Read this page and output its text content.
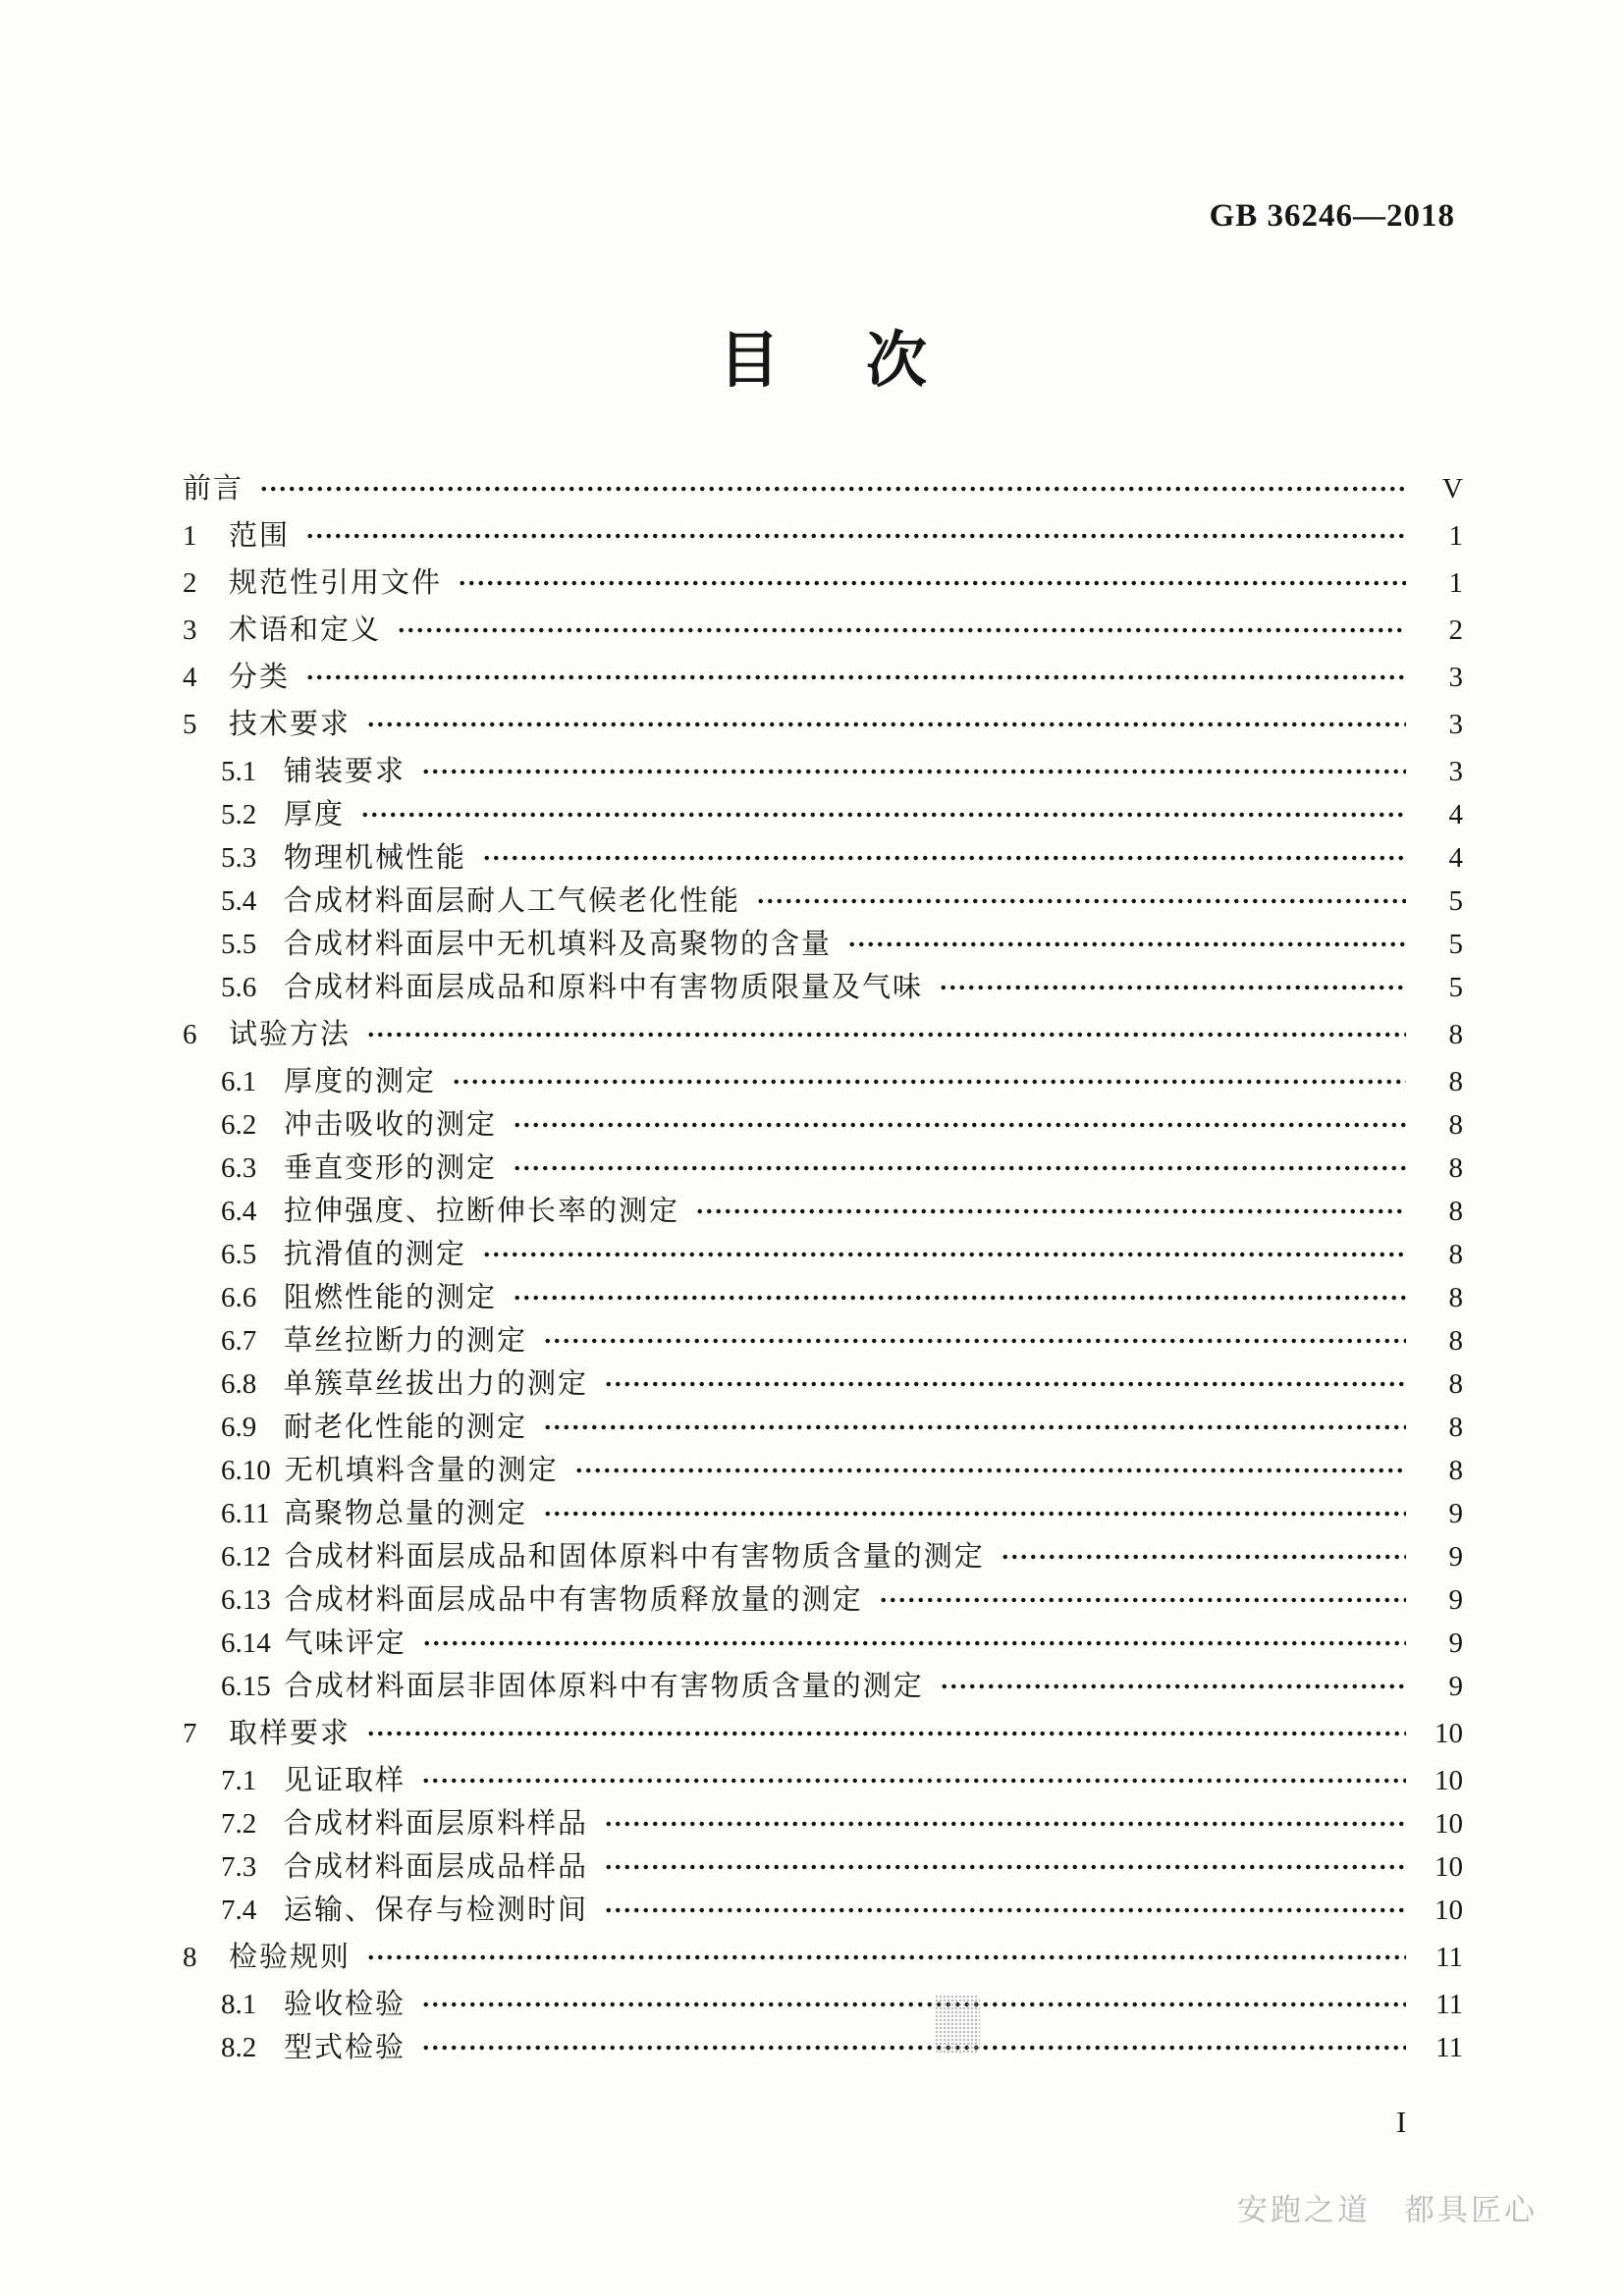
GB 36246—2018
目 次
前言	V
1	范围	1
2	规范性引用文件	1
3	术语和定义	2
4	分类	3
5	技术要求	3
5.1 铺装要求	3
5.2 厚度	4
5.3 物理机械性能	4
5.4 合成材料面层耐人工气候老化性能	5
5.5 合成材料面层中无机填料及高聚物的含量	5
5.6 合成材料面层成品和原料中有害物质限量及气味	5
6	试验方法	8
6.1 厚度的测定	8
6.2 冲击吸收的测定	8
6.3 垂直变形的测定	8
6.4 拉伸强度、拉断伸长率的测定	8
6.5 抗滑值的测定	8
6.6 阻燃性能的测定	8
6.7 草丝拉断力的测定	8
6.8 单簇草丝拔出力的测定	8
6.9 耐老化性能的测定	8
6.10 无机填料含量的测定	8
6.11 高聚物总量的测定	9
6.12 合成材料面层成品和固体原料中有害物质含量的测定	9
6.13 合成材料面层成品中有害物质释放量的测定	9
6.14 气味评定	9
6.15 合成材料面层非固体原料中有害物质含量的测定	9
7	取样要求	10
7.1 见证取样	10
7.2 合成材料面层原料样品	10
7.3 合成材料面层成品样品	10
7.4 运输、保存与检测时间	10
8	检验规则	11
8.1 验收检验	11
8.2 型式检验	11
I
安跑之道　都具匠心
